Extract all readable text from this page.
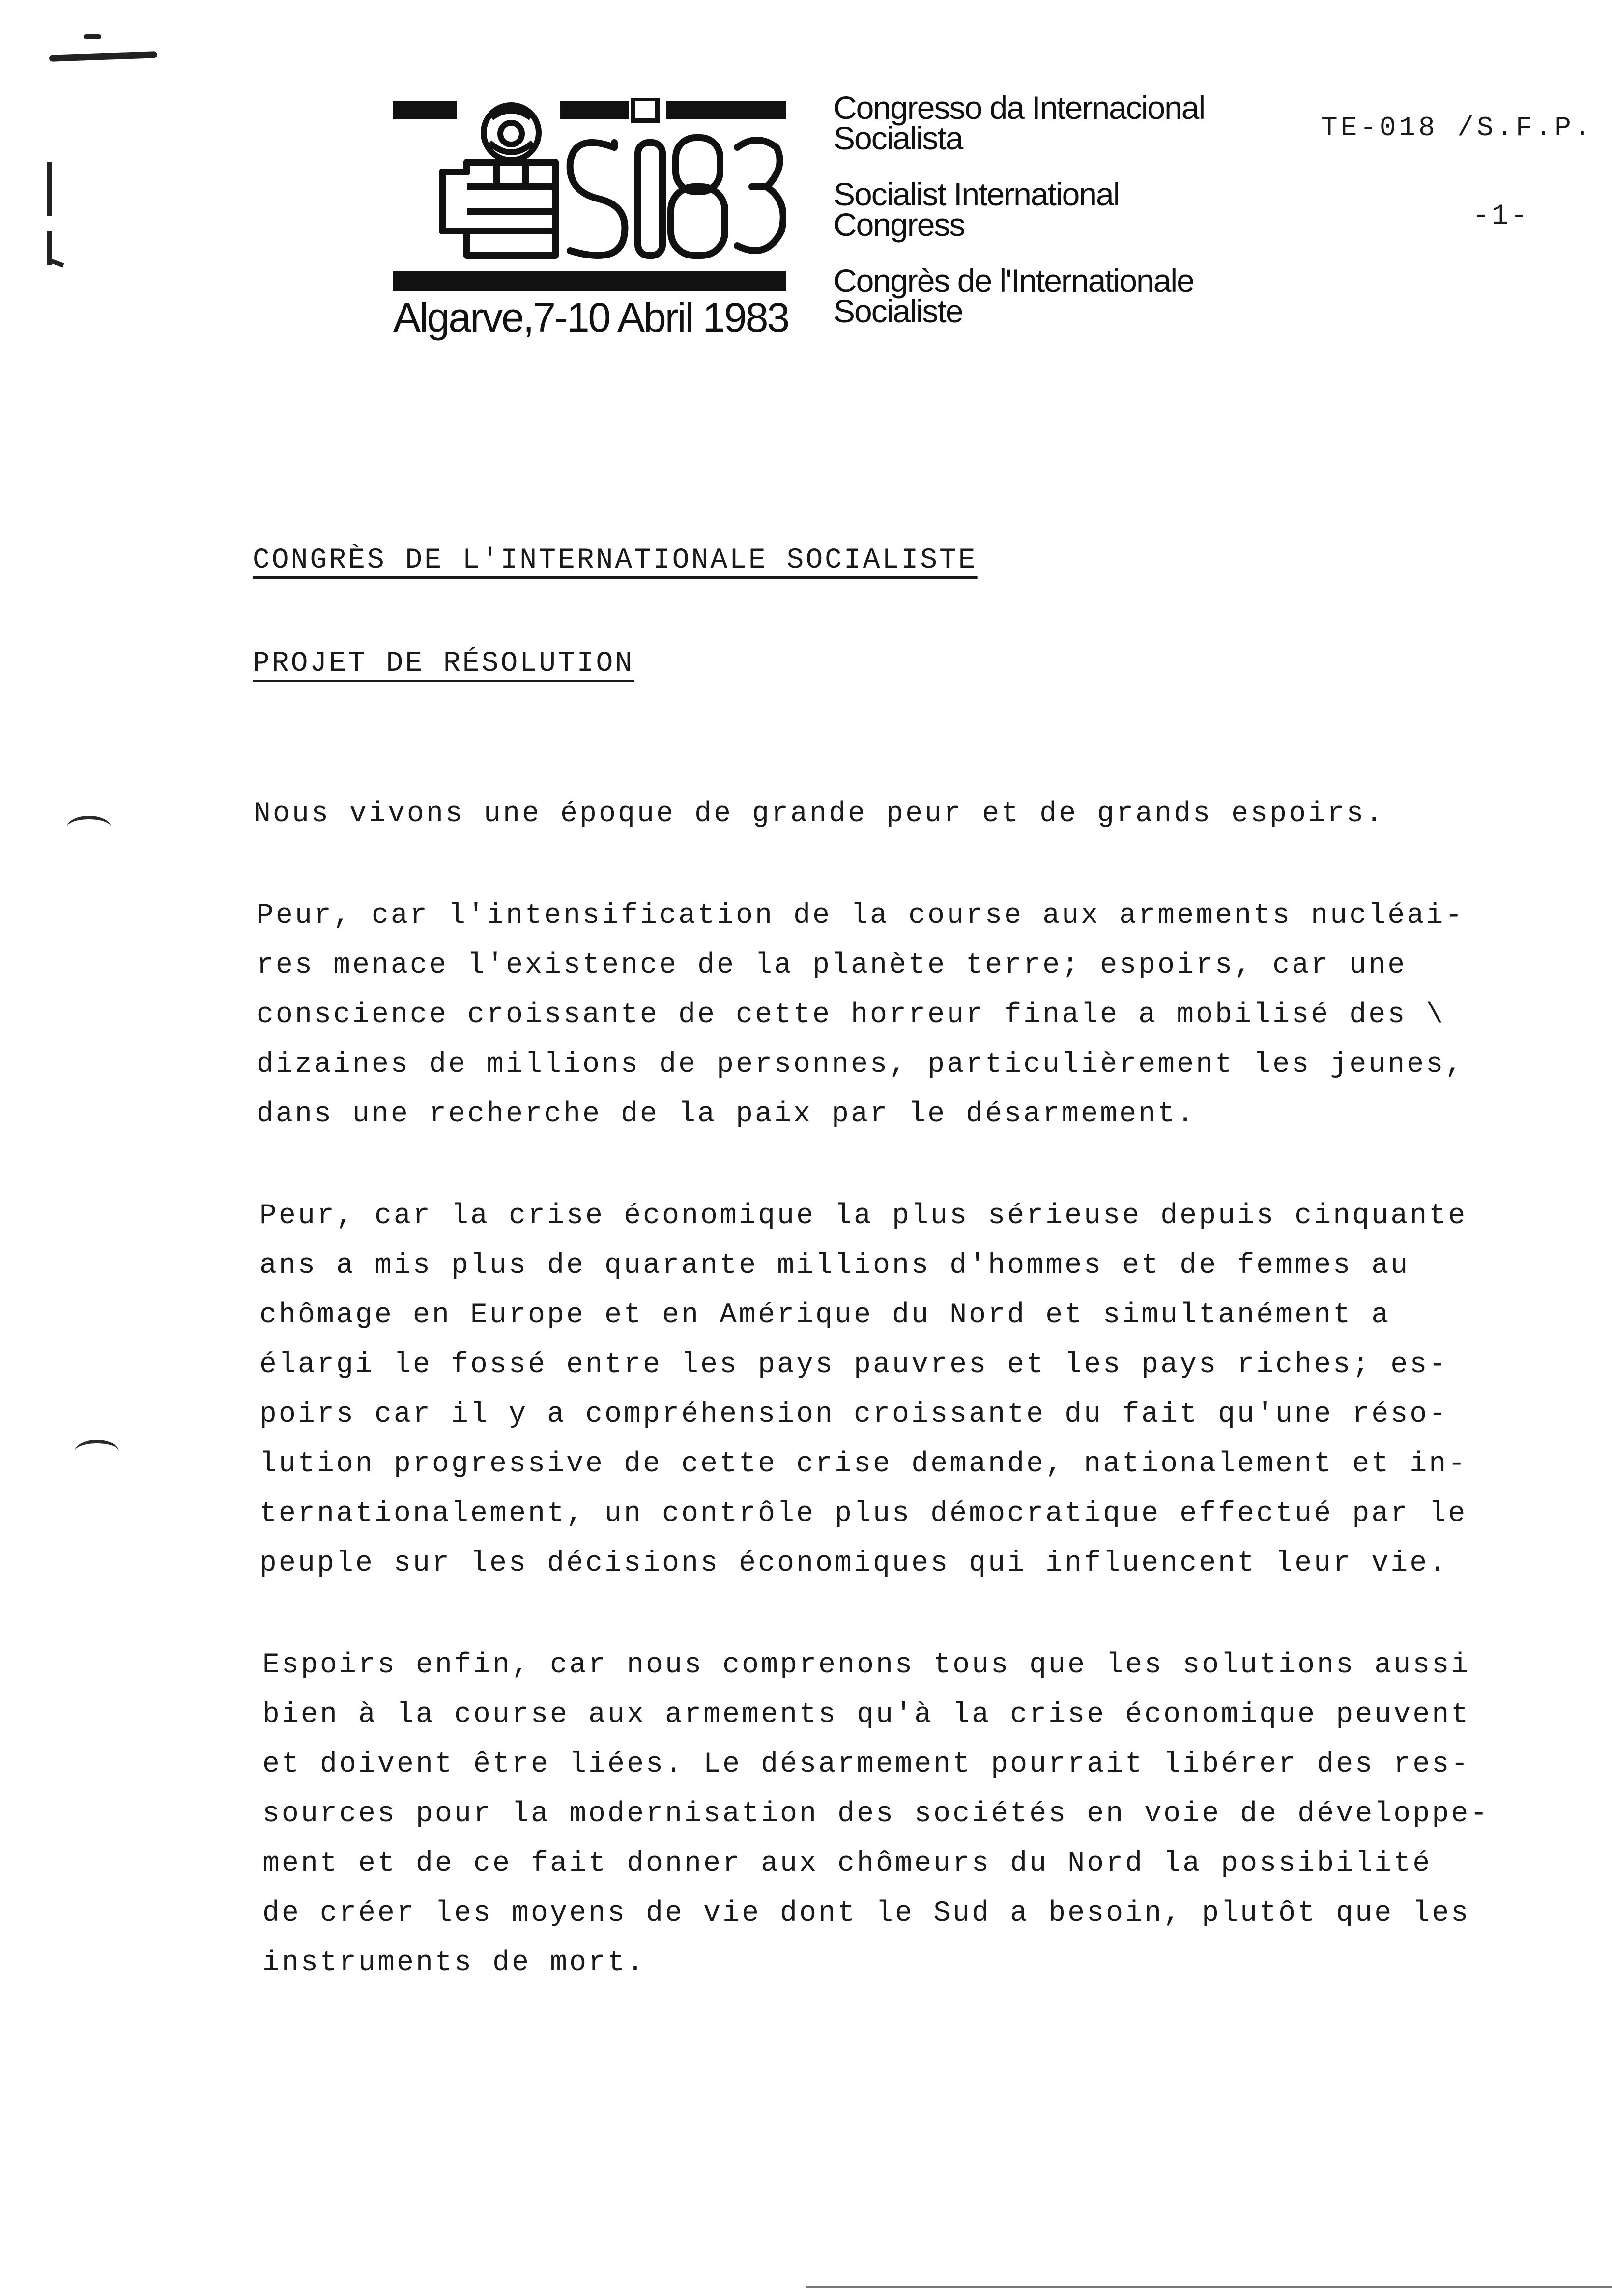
Algarve,7-10 Abril 1983
Congresso da Internacional
Socialista
Socialist International
Congress
Congrès de l'Internationale
Socialiste
TE-018 /S.F.P.
-1-
CONGRÈS DE L'INTERNATIONALE SOCIALISTE
PROJET DE RÉSOLUTION
Nous vivons une époque de grande peur et de grands espoirs.
Peur, car l'intensification de la course aux armements nucléai-
res menace l'existence de la planète terre; espoirs, car une
conscience croissante de cette horreur finale a mobilisé des \
dizaines de millions de personnes, particulièrement les jeunes,
dans une recherche de la paix par le désarmement.
Peur, car la crise économique la plus sérieuse depuis cinquante
ans a mis plus de quarante millions d'hommes et de femmes au
chômage en Europe et en Amérique du Nord et simultanément a
élargi le fossé entre les pays pauvres et les pays riches; es-
poirs car il y a compréhension croissante du fait qu'une réso-
lution progressive de cette crise demande, nationalement et in-
ternationalement, un contrôle plus démocratique effectué par le
peuple sur les décisions économiques qui influencent leur vie.
Espoirs enfin, car nous comprenons tous que les solutions aussi
bien à la course aux armements qu'à la crise économique peuvent
et doivent être liées. Le désarmement pourrait libérer des res-
sources pour la modernisation des sociétés en voie de développe-
ment et de ce fait donner aux chômeurs du Nord la possibilité
de créer les moyens de vie dont le Sud a besoin, plutôt que les
instruments de mort.
